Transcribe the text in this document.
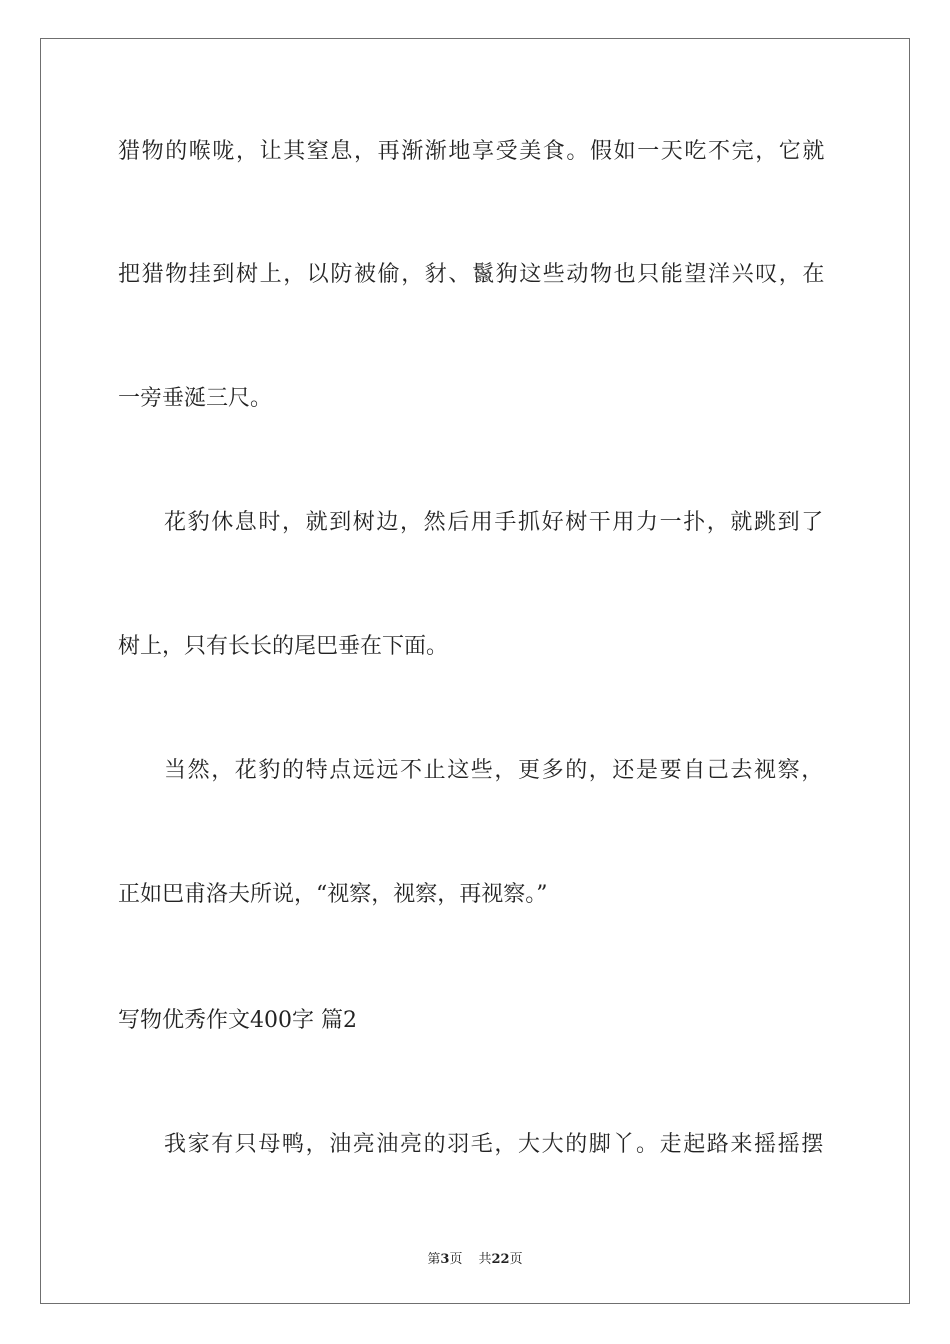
猎物的喉咙，让其窒息，再渐渐地享受美食。假如一天吃不完，它就
把猎物挂到树上，以防被偷，豺、鬣狗这些动物也只能望洋兴叹，在
一旁垂涎三尺。
花豹休息时，就到树边，然后用手抓好树干用力一扑，就跳到了
树上，只有长长的尾巴垂在下面。
当然，花豹的特点远远不止这些，更多的，还是要自己去视察，
正如巴甫洛夫所说，“视察，视察，再视察。”
写物优秀作文400字 篇2
我家有只母鸭，油亮油亮的羽毛，大大的脚丫。走起路来摇摇摆
第3页 共22页
